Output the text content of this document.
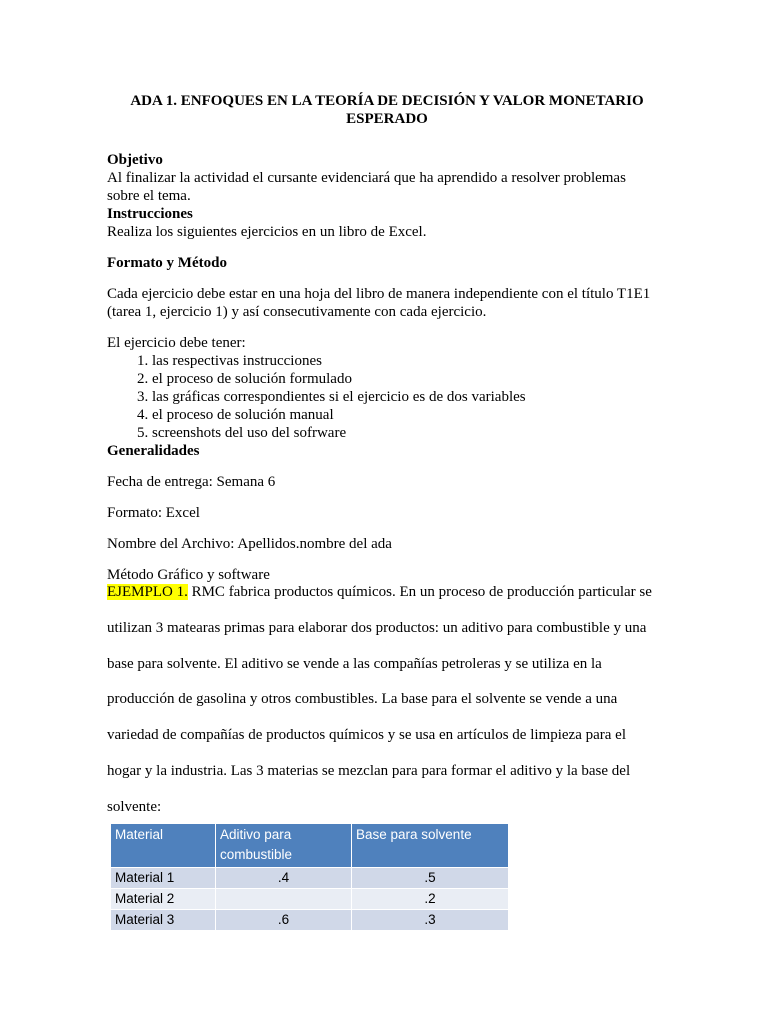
ADA 1. ENFOQUES EN LA TEORÍA DE DECISIÓN Y VALOR MONETARIO
ESPERADO

Objetivo

Al finalizar la actividad el cursante evidenciará que ha aprendido a resolver problemas

sobre el tema.

Instrucciones

Realiza los siguientes ejercicios en un libro de Excel.

Formato y Método

Cada ejercicio debe estar en una hoja del libro de manera independiente con el título T1E1

(tarea 1, ejercicio 1) y así consecutivamente con cada ejercicio.

El ejercicio debe tener:

1. las respectivas instrucciones
2. el proceso de solución formulado
3. las gráficas correspondientes si el ejercicio es de dos variables
4. el proceso de solución manual
5. screenshots del uso del sofrware

Generalidades

Fecha de entrega: Semana 6

Formato: Excel

Nombre del Archivo: Apellidos.nombre del ada

Método Gráfico y software

EJEMPLO 1. RMC fabrica productos químicos. En un proceso de producción particular se

utilizan 3 matearas primas para elaborar dos productos: un aditivo para combustible y una

base para solvente. El aditivo se vende a las compañías petroleras y se utiliza en la

producción de gasolina y otros combustibles. La base para el solvente se vende a una

variedad de compañías de productos químicos y se usa en artículos de limpieza para el

hogar y la industria. Las 3 materias se mezclan para para formar el aditivo y la base del

solvente:

Material	Aditivo para combustible	Base para solvente
Material 1	.4	.5
Material 2		.2
Material 3	.6	.3
